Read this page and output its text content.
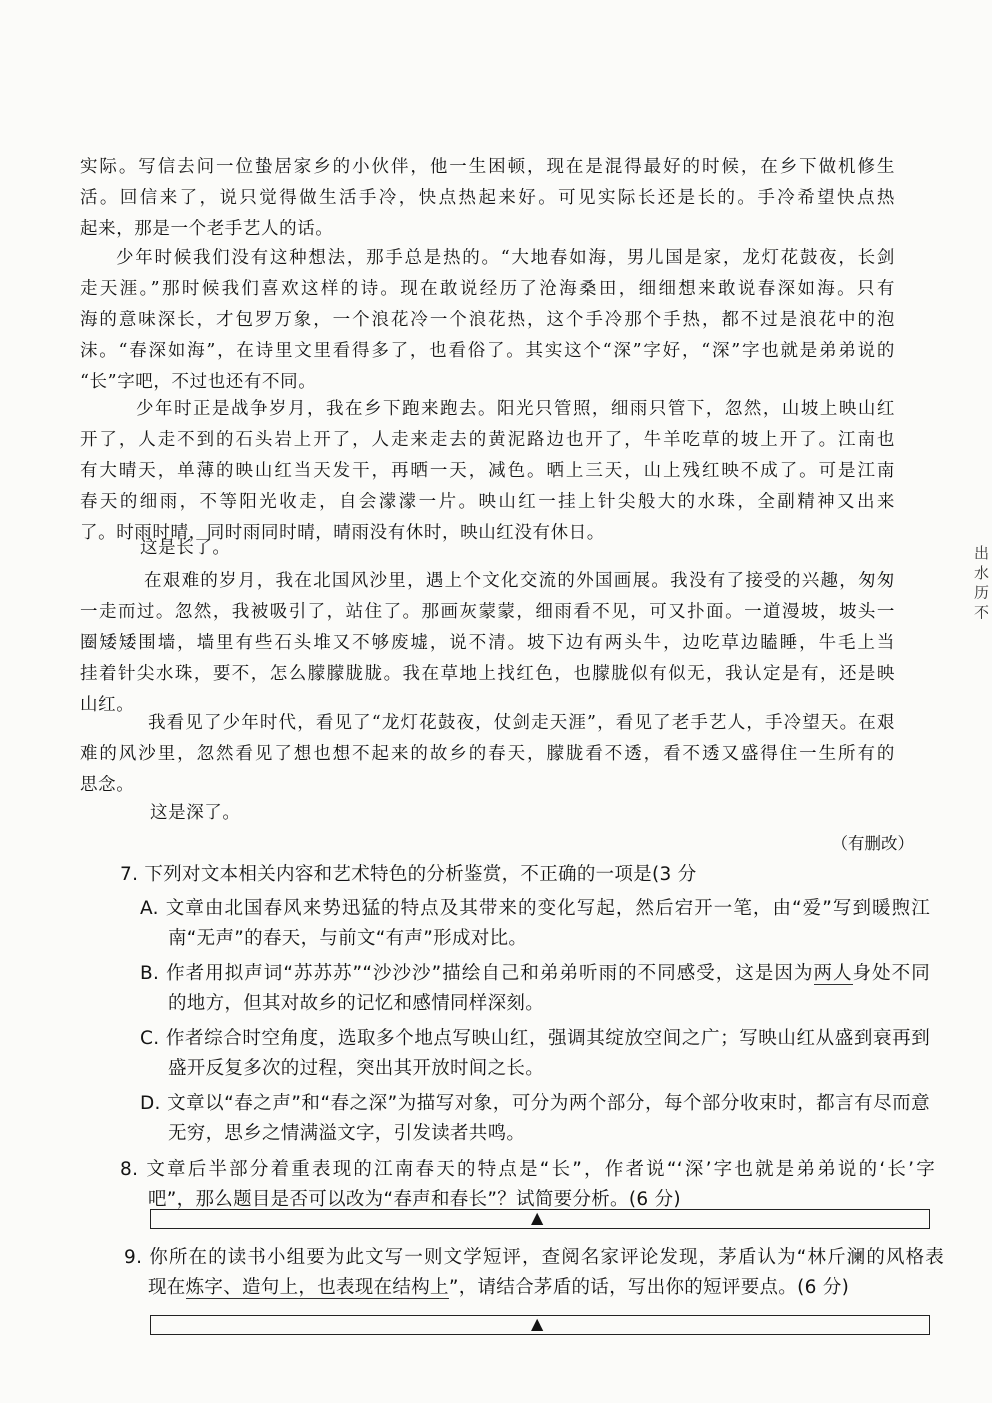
实际。写信去问一位蛰居家乡的小伙伴，他一生困顿，现在是混得最好的时候，在乡下做机修生
活。回信来了，说只觉得做生活手冷，快点热起来好。可见实际长还是长的。手冷希望快点热
起来，那是一个老手艺人的话。
少年时候我们没有这种想法，那手总是热的。“大地春如海，男儿国是家，龙灯花鼓夜，长剑
走天涯。”那时候我们喜欢这样的诗。现在敢说经历了沧海桑田，细细想来敢说春深如海。只有
海的意味深长，才包罗万象，一个浪花冷一个浪花热，这个手冷那个手热，都不过是浪花中的泡
沫。“春深如海”，在诗里文里看得多了，也看俗了。其实这个“深”字好，“深”字也就是弟弟说的
“长”字吧，不过也还有不同。
少年时正是战争岁月，我在乡下跑来跑去。阳光只管照，细雨只管下，忽然，山坡上映山红
开了，人走不到的石头岩上开了，人走来走去的黄泥路边也开了，牛羊吃草的坡上开了。江南也
有大晴天，单薄的映山红当天发干，再晒一天，减色。晒上三天，山上残红映不成了。可是江南
春天的细雨，不等阳光收走，自会濛濛一片。映山红一挂上针尖般大的水珠，全副精神又出来
了。时雨时晴，同时雨同时晴，晴雨没有休时，映山红没有休日。
这是长了。
在艰难的岁月，我在北国风沙里，遇上个文化交流的外国画展。我没有了接受的兴趣，匆匆
一走而过。忽然，我被吸引了，站住了。那画灰蒙蒙，细雨看不见，可又扑面。一道漫坡，坡头一
圈矮矮围墙，墙里有些石头堆又不够废墟，说不清。坡下边有两头牛，边吃草边瞌睡，牛毛上当
挂着针尖水珠，要不，怎么朦朦胧胧。我在草地上找红色，也朦胧似有似无，我认定是有，还是映
山红。
我看见了少年时代，看见了“龙灯花鼓夜，仗剑走天涯”，看见了老手艺人，手冷望天。在艰
难的风沙里，忽然看见了想也想不起来的故乡的春天，朦胧看不透，看不透又盛得住一生所有的
思念。
这是深了。
（有删改）
7. 下列对文本相关内容和艺术特色的分析鉴赏，不正确的一项是(3 分
A. 文章由北国春风来势迅猛的特点及其带来的变化写起，然后宕开一笔，由“爱”写到暖煦江
南“无声”的春天，与前文“有声”形成对比。
B. 作者用拟声词“苏苏苏”“沙沙沙”描绘自己和弟弟听雨的不同感受，这是因为两人身处不同
的地方，但其对故乡的记忆和感情同样深刻。
C. 作者综合时空角度，选取多个地点写映山红，强调其绽放空间之广；写映山红从盛到衰再到
盛开反复多次的过程，突出其开放时间之长。
D. 文章以“春之声”和“春之深”为描写对象，可分为两个部分，每个部分收束时，都言有尽而意
无穷，思乡之情满溢文字，引发读者共鸣。
8. 文章后半部分着重表现的江南春天的特点是“长”，作者说“‘深’字也就是弟弟说的‘长’字
吧”，那么题目是否可以改为“春声和春长”？试简要分析。(6 分)
▲
9. 你所在的读书小组要为此文写一则文学短评，查阅名家评论发现，茅盾认为“林斤澜的风格表
现在炼字、造句上，也表现在结构上”，请结合茅盾的话，写出你的短评要点。(6 分)
▲
出 水 历 不
